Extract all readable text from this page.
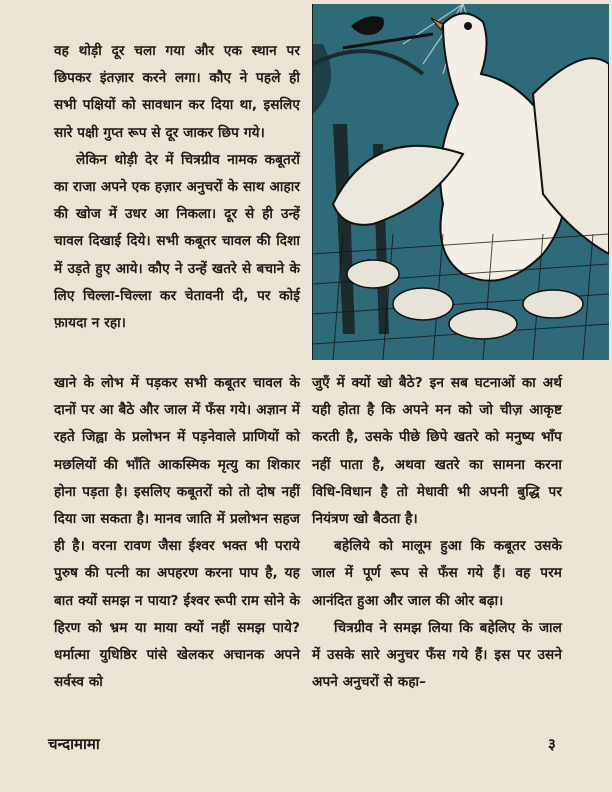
वह थोड़ी दूर चला गया और एक स्थान पर छिपकर इंतज़ार करने लगा। कौए ने पहले ही सभी पक्षियों को सावधान कर दिया था, इसलिए सारे पक्षी गुप्त रूप से दूर जाकर छिप गये।

लेकिन थोड़ी देर में चित्रग्रीव नामक कबूतरों का राजा अपने एक हज़ार अनुचरों के साथ आहार की खोज में उधर आ निकला। दूर से ही उन्हें चावल दिखाई दिये। सभी कबूतर चावल की दिशा में उड़ते हुए आये। कौए ने उन्हें खतरे से बचाने के लिए चिल्ला-चिल्ला कर चेतावनी दी, पर कोई फ़ायदा न रहा।

खाने के लोभ में पड़कर सभी कबूतर चावल के दानों पर आ बैठे और जाल में फँस गये। अज्ञान में रहते जिह्वा के प्रलोभन में पड़नेवाले प्राणियों को मछलियों की भाँति आकस्मिक मृत्यु का शिकार होना पड़ता है। इसलिए कबूतरों को तो दोष नहीं दिया जा सकता है। मानव जाति में प्रलोभन सहज ही है। वरना रावण जैसा ईश्वर भक्त भी पराये पुरुष की पत्नी का अपहरण करना पाप है, यह बात क्यों समझ न पाया? ईश्वर रूपी राम सोने के हिरण को भ्रम या माया क्यों नहीं समझ पाये? धर्मात्मा युधिष्ठिर पांसे खेलकर अचानक अपने सर्वस्व को

जुएँ में क्यों खो बैठे? इन सब घटनाओं का अर्थ यही होता है कि अपने मन को जो चीज़ आकृष्ट करती है, उसके पीछे छिपे खतरे को मनुष्य भाँप नहीं पाता है, अथवा खतरे का सामना करना विधि-विधान है तो मेधावी भी अपनी बुद्धि पर नियंत्रण खो बैठता है।

बहेलिये को मालूम हुआ कि कबूतर उसके जाल में पूर्ण रूप से फँस गये हैं। वह परम आनंदित हुआ और जाल की ओर बढ़ा।

चित्रग्रीव ने समझ लिया कि बहेलिए के जाल में उसके सारे अनुचर फँस गये हैं। इस पर उसने अपने अनुचरों से कहा–

चन्दामामा	३
